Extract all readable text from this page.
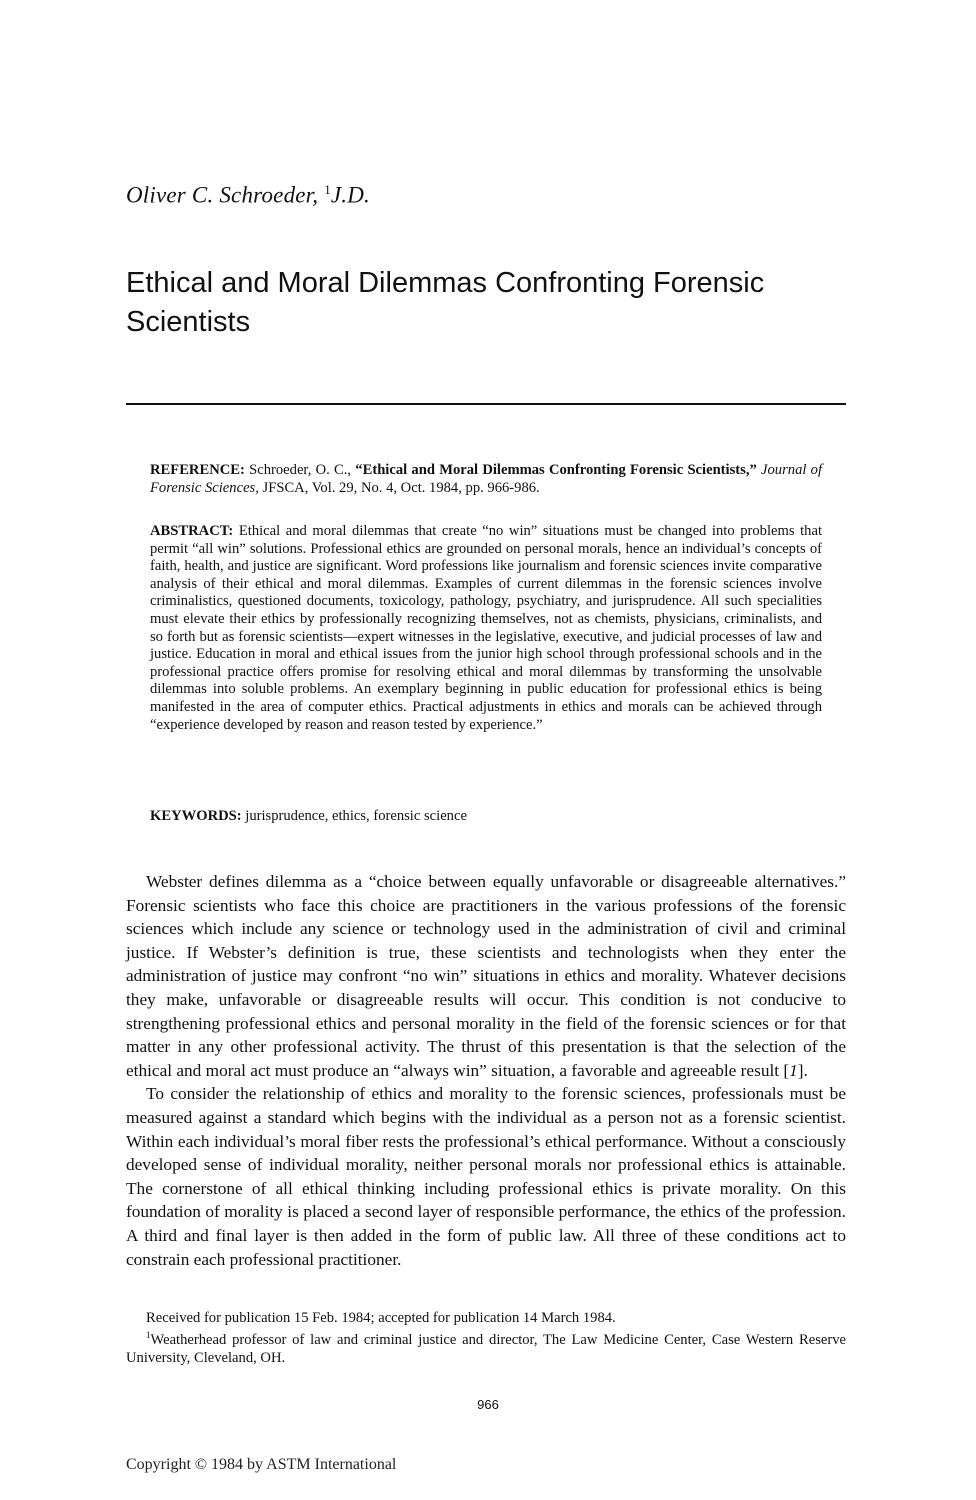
Oliver C. Schroeder, $^1$J.D.
Ethical and Moral Dilemmas Confronting Forensic Scientists
REFERENCE: Schroeder, O. C., “Ethical and Moral Dilemmas Confronting Forensic Scientists,” Journal of Forensic Sciences, JFSCA, Vol. 29, No. 4, Oct. 1984, pp. 966-986.
ABSTRACT: Ethical and moral dilemmas that create “no win” situations must be changed into problems that permit “all win” solutions. Professional ethics are grounded on personal morals, hence an individual’s concepts of faith, health, and justice are significant. Word professions like journalism and forensic sciences invite comparative analysis of their ethical and moral dilemmas. Examples of current dilemmas in the forensic sciences involve criminalistics, questioned documents, toxicology, pathology, psychiatry, and jurisprudence. All such specialities must elevate their ethics by professionally recognizing themselves, not as chemists, physicians, criminalists, and so forth but as forensic scientists—expert witnesses in the legislative, executive, and judicial processes of law and justice. Education in moral and ethical issues from the junior high school through professional schools and in the professional practice offers promise for resolving ethical and moral dilemmas by transforming the unsolvable dilemmas into soluble problems. An exemplary beginning in public education for professional ethics is being manifested in the area of computer ethics. Practical adjustments in ethics and morals can be achieved through “experience developed by reason and reason tested by experience.”
KEYWORDS: jurisprudence, ethics, forensic science

Webster defines dilemma as a “choice between equally unfavorable or disagreeable alternatives.” Forensic scientists who face this choice are practitioners in the various professions of the forensic sciences which include any science or technology used in the administration of civil and criminal justice. If Webster’s definition is true, these scientists and technologists when they enter the administration of justice may confront “no win” situations in ethics and morality. Whatever decisions they make, unfavorable or disagreeable results will occur. This condition is not conducive to strengthening professional ethics and personal morality in the field of the forensic sciences or for that matter in any other professional activity. The thrust of this presentation is that the selection of the ethical and moral act must produce an “always win” situation, a favorable and agreeable result [1].

To consider the relationship of ethics and morality to the forensic sciences, professionals must be measured against a standard which begins with the individual as a person not as a forensic scientist. Within each individual’s moral fiber rests the professional’s ethical performance. Without a consciously developed sense of individual morality, neither personal morals nor professional ethics is attainable. The cornerstone of all ethical thinking including professional ethics is private morality. On this foundation of morality is placed a second layer of responsible performance, the ethics of the profession. A third and final layer is then added in the form of public law. All three of these conditions act to constrain each professional practitioner.

Received for publication 15 Feb. 1984; accepted for publication 14 March 1984.

$^1$Weatherhead professor of law and criminal justice and director, The Law Medicine Center, Case Western Reserve University, Cleveland, OH.

966
Copyright © 1984 by ASTM International
